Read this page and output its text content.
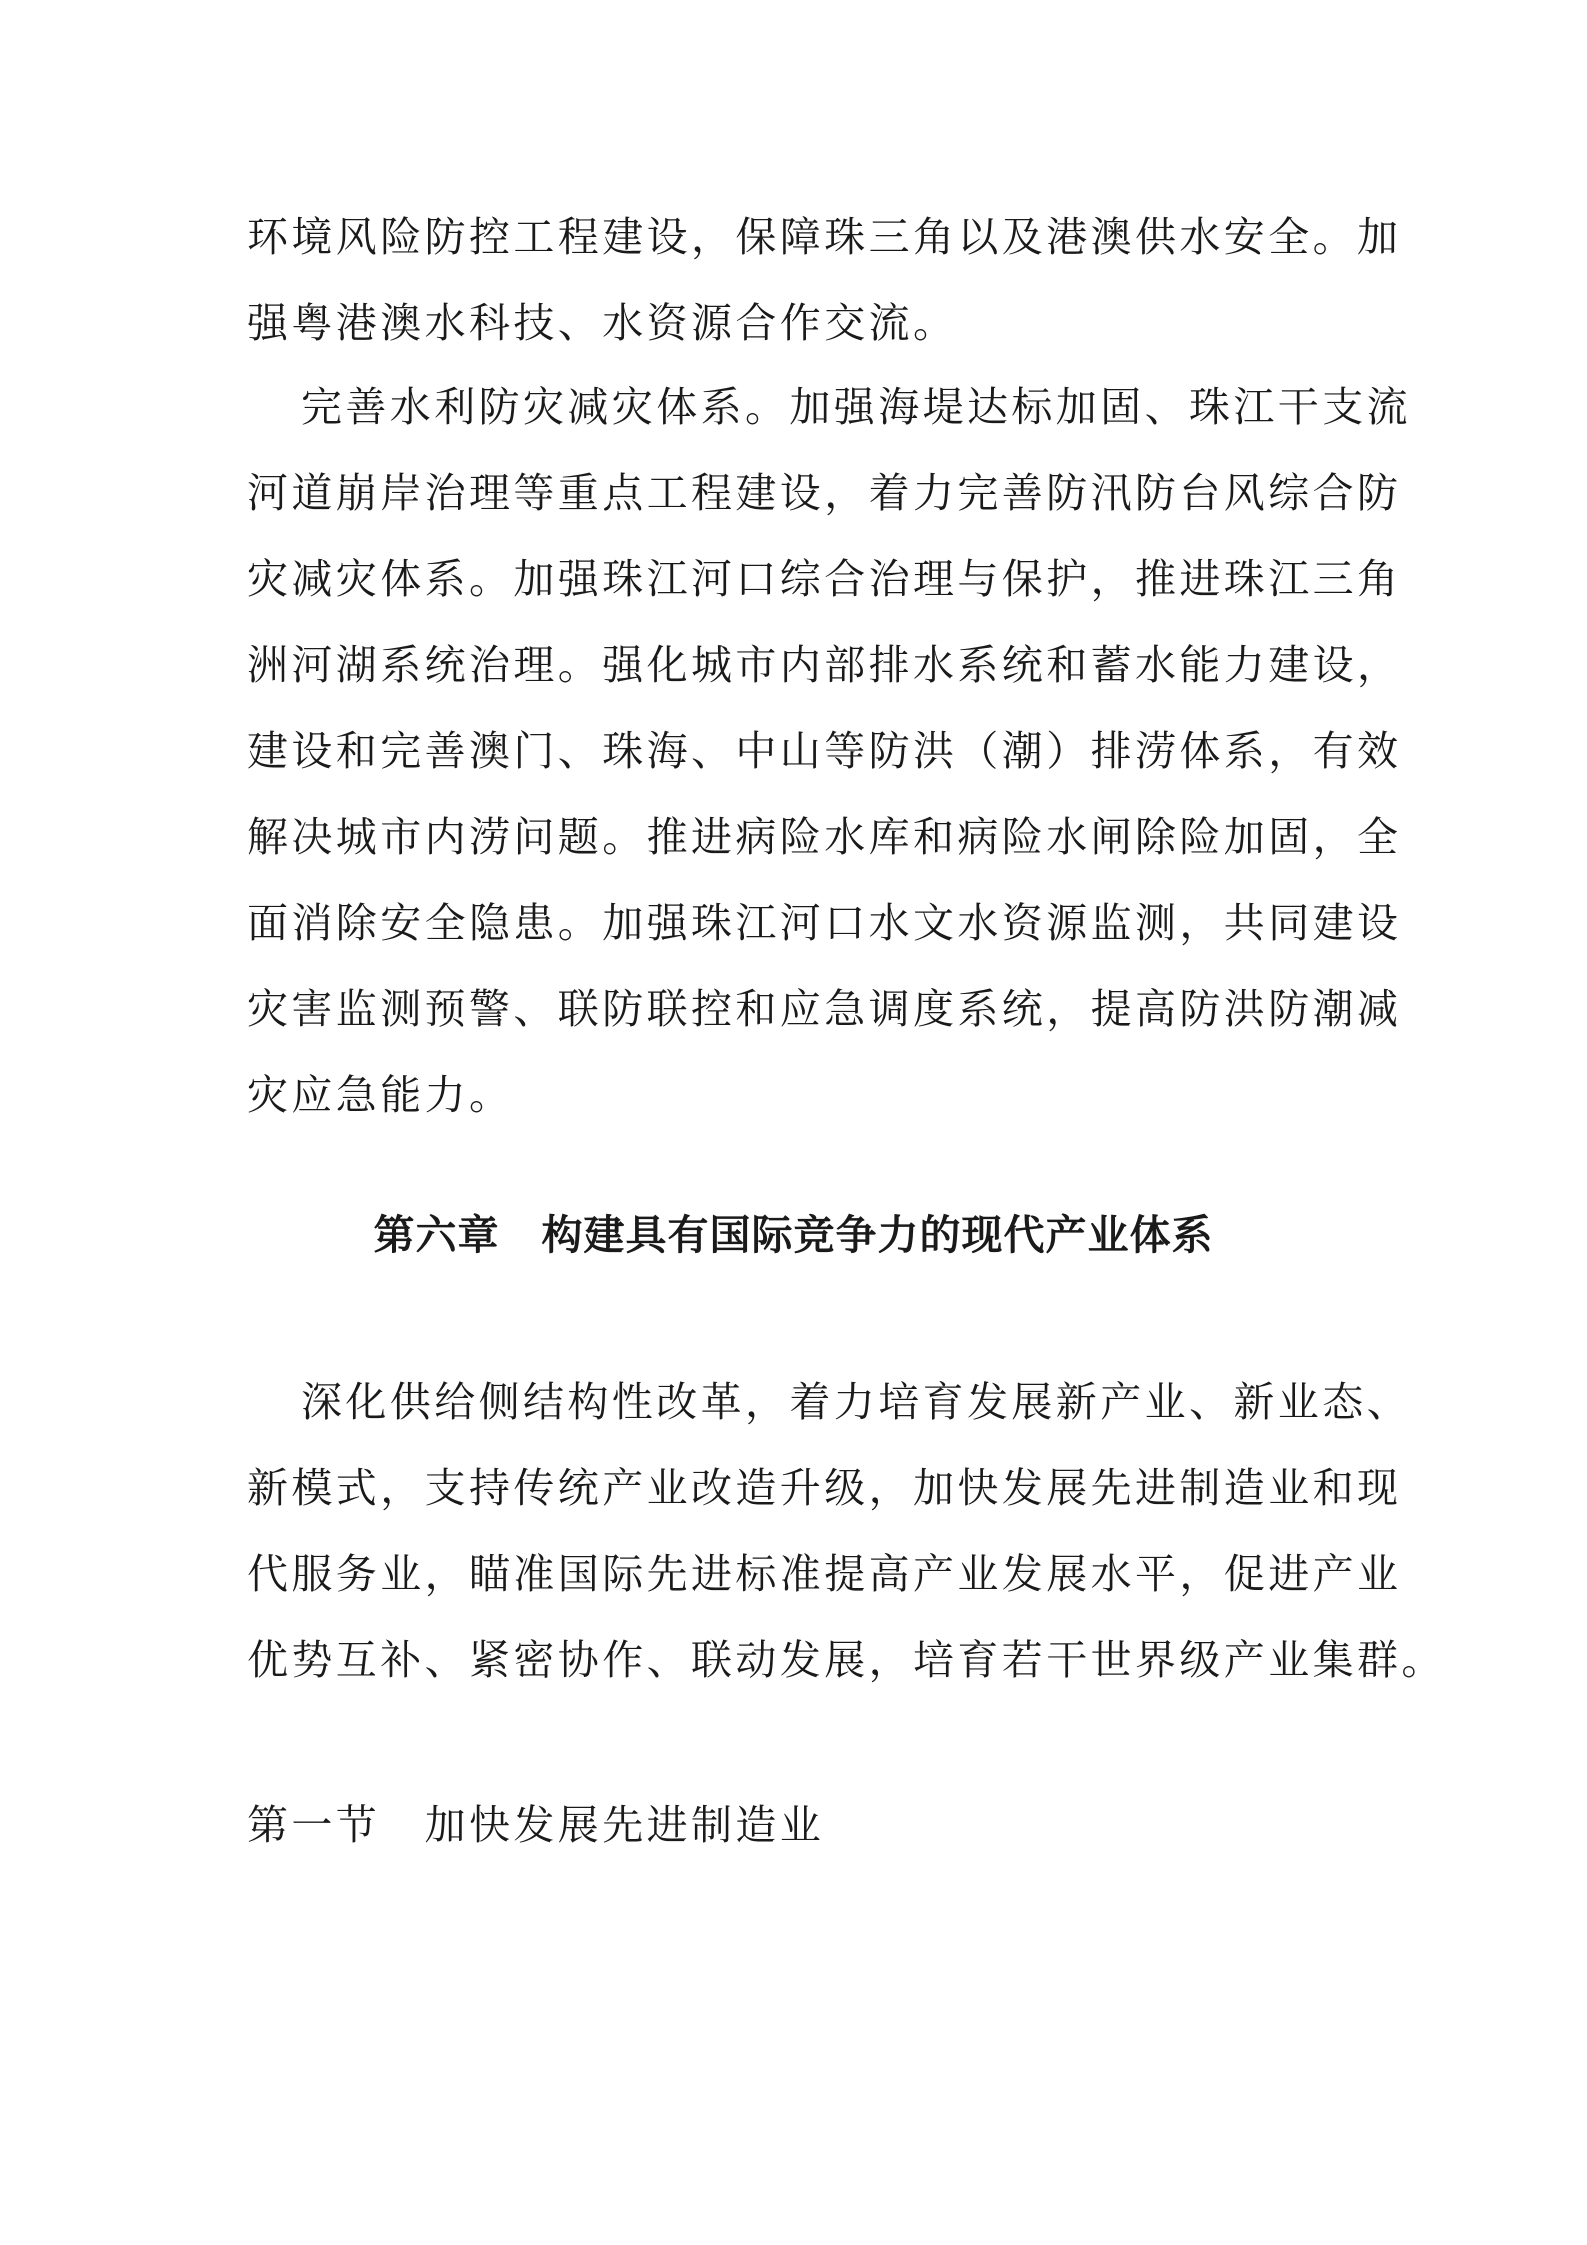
环境风险防控工程建设，保障珠三角以及港澳供水安全。加
强粤港澳水科技、水资源合作交流。
完善水利防灾减灾体系。加强海堤达标加固、珠江干支流
河道崩岸治理等重点工程建设，着力完善防汛防台风综合防
灾减灾体系。加强珠江河口综合治理与保护，推进珠江三角
洲河湖系统治理。强化城市内部排水系统和蓄水能力建设，
建设和完善澳门、珠海、中山等防洪（潮）排涝体系，有效
解决城市内涝问题。推进病险水库和病险水闸除险加固，全
面消除安全隐患。加强珠江河口水文水资源监测，共同建设
灾害监测预警、联防联控和应急调度系统，提高防洪防潮减
灾应急能力。
第六章　构建具有国际竞争力的现代产业体系
深化供给侧结构性改革，着力培育发展新产业、新业态、
新模式，支持传统产业改造升级，加快发展先进制造业和现
代服务业，瞄准国际先进标准提高产业发展水平，促进产业
优势互补、紧密协作、联动发展，培育若干世界级产业集群。
第一节　加快发展先进制造业
